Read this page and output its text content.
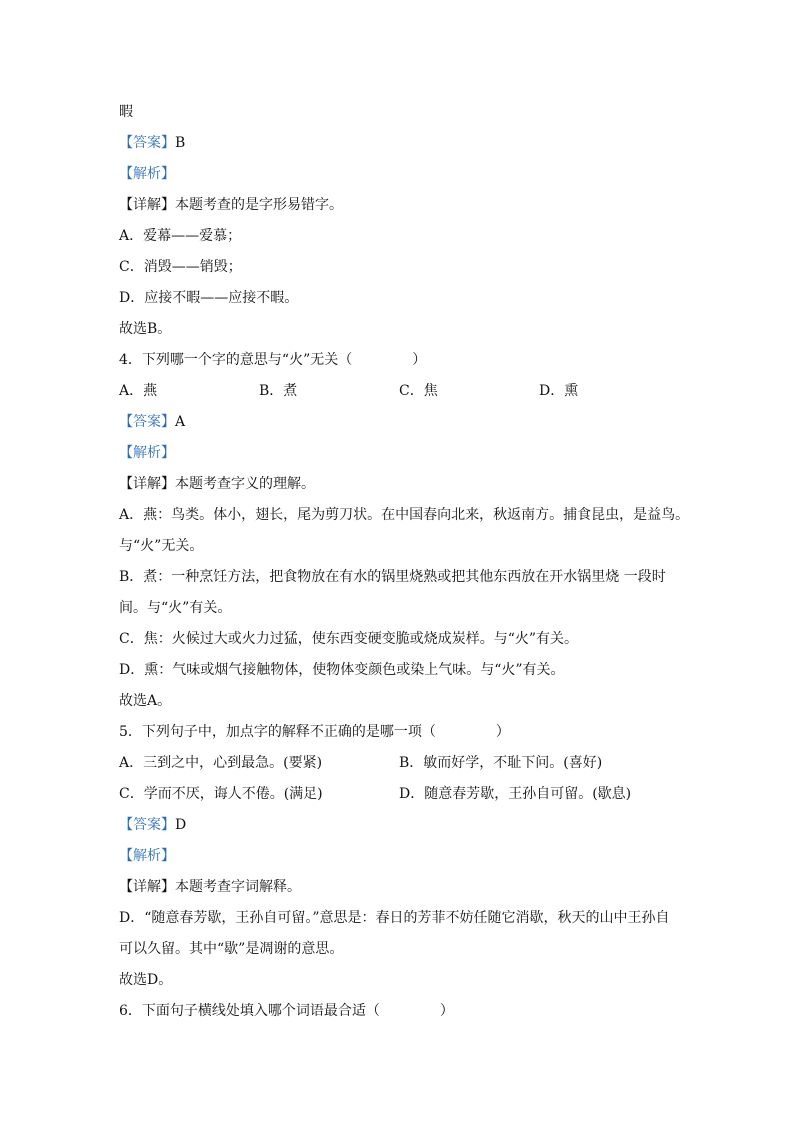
暇
【答案】B
【解析】
【详解】本题考查的是字形易错字。
A．爱幕——爱慕；
C．消毁——销毁；
D．应接不暇——应接不暇。
故选B。
4．下列哪一个字的意思与“火”无关（	）
A．燕	B．煮	C．焦	D．熏
【答案】A
【解析】
【详解】本题考查字义的理解。
A．燕：鸟类。体小，翅长，尾为剪刀状。在中国春向北来，秋返南方。捕食昆虫，是益鸟。
与“火”无关。
B．煮：一种烹饪方法，把食物放在有水的锅里烧熟或把其他东西放在开水锅里烧 一段时
间。与“火”有关。
C．焦：火候过大或火力过猛，使东西变硬变脆或烧成炭样。与“火”有关。
D．熏：气味或烟气接触物体，使物体变颜色或染上气味。与“火”有关。
故选A。
5．下列句子中，加点字的解释不正确的是哪一项（	）
A．三到之中，心到最急。(要紧)	B．敏而好学，不耻下问。(喜好)
C．学而不厌，诲人不倦。(满足)	D．随意春芳歇，王孙自可留。(歇息)
【答案】D
【解析】
【详解】本题考查字词解释。
D．“随意春芳歇，王孙自可留。”意思是：春日的芳菲不妨任随它消歇，秋天的山中王孙自
可以久留。其中“歇”是凋谢的意思。
故选D。
6．下面句子横线处填入哪个词语最合适（	）
